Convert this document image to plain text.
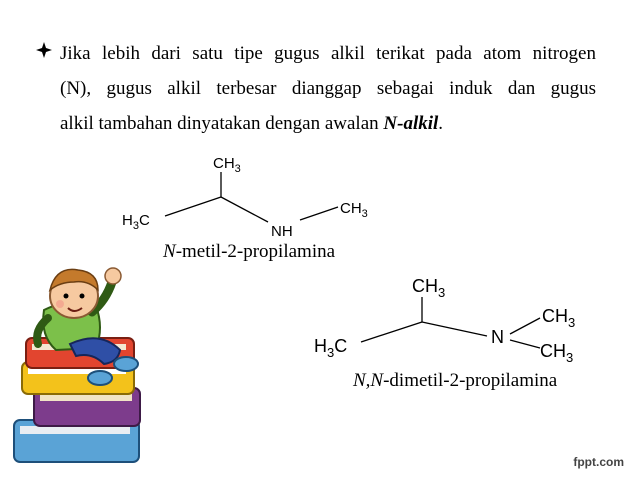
Jika lebih dari satu tipe gugus alkil terikat pada atom nitrogen
(N), gugus alkil terbesar dianggap sebagai induk dan gugus
alkil tambahan dinyatakan dengan awalan N-alkil.
$CH_3$
$H_3C$
NH
$CH_3$
$CH_3$
$H_3C$	N
$CH_3$
$CH_3$
N-metil-2-propilamina
N,N-dimetil-2-propilamina
fppt.com
